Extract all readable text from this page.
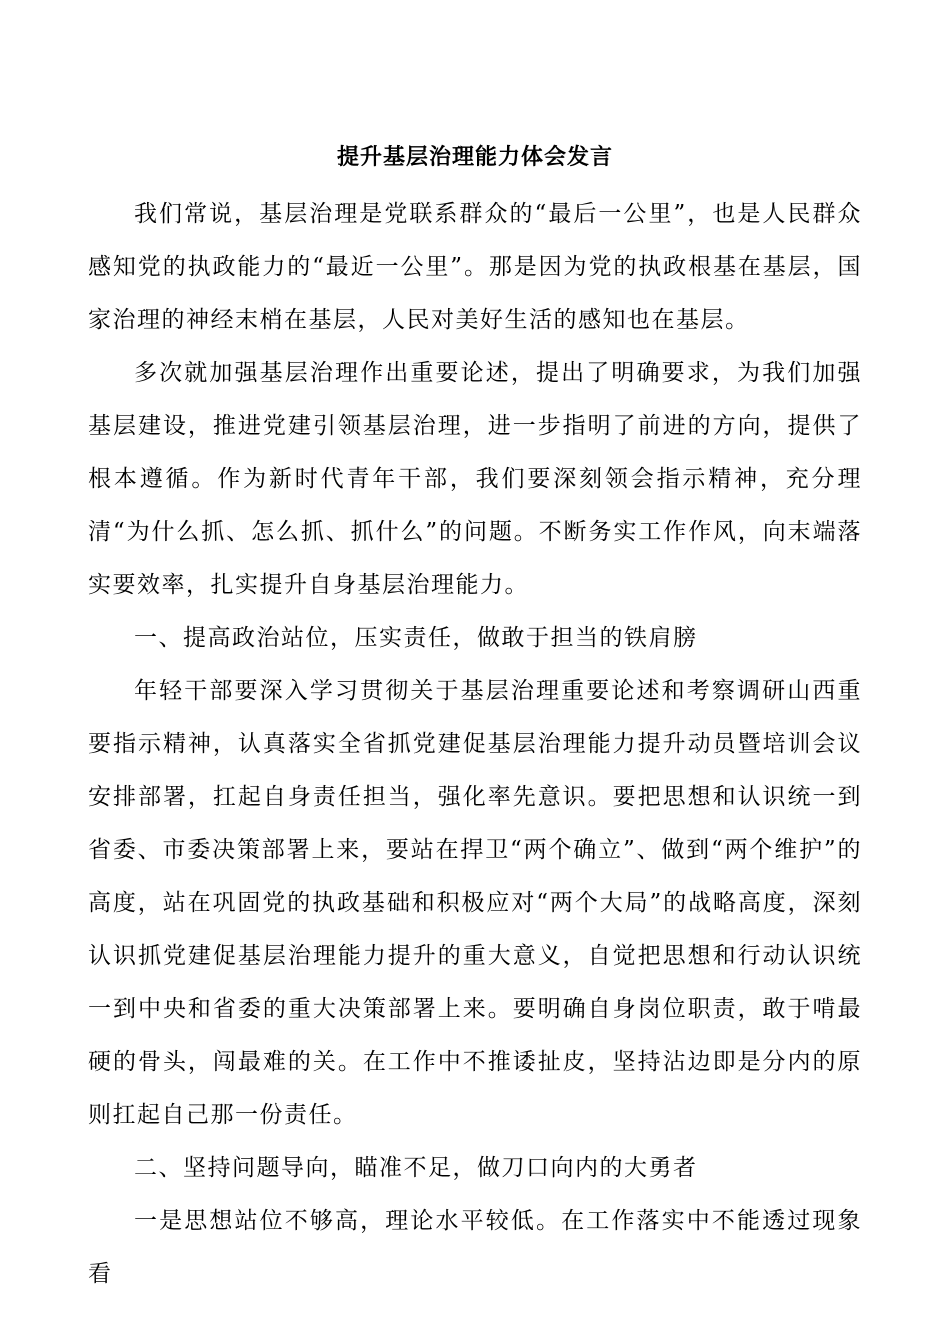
提升基层治理能力体会发言

我们常说，基层治理是党联系群众的“最后一公里”，也是人民群众感知党的执政能力的“最近一公里”。那是因为党的执政根基在基层，国家治理的神经末梢在基层，人民对美好生活的感知也在基层。

多次就加强基层治理作出重要论述，提出了明确要求，为我们加强基层建设，推进党建引领基层治理，进一步指明了前进的方向，提供了根本遵循。作为新时代青年干部，我们要深刻领会指示精神，充分理清“为什么抓、怎么抓、抓什么”的问题。不断务实工作作风，向末端落实要效率，扎实提升自身基层治理能力。

一、提高政治站位，压实责任，做敢于担当的铁肩膀

年轻干部要深入学习贯彻关于基层治理重要论述和考察调研山西重要指示精神，认真落实全省抓党建促基层治理能力提升动员暨培训会议安排部署，扛起自身责任担当，强化率先意识。要把思想和认识统一到省委、市委决策部署上来，要站在捍卫“两个确立”、做到“两个维护”的高度，站在巩固党的执政基础和积极应对“两个大局”的战略高度，深刻认识抓党建促基层治理能力提升的重大意义，自觉把思想和行动认识统一到中央和省委的重大决策部署上来。要明确自身岗位职责，敢于啃最硬的骨头，闯最难的关。在工作中不推诿扯皮，坚持沾边即是分内的原则扛起自己那一份责任。

二、坚持问题导向，瞄准不足，做刀口向内的大勇者

一是思想站位不够高，理论水平较低。在工作落实中不能透过现象看
